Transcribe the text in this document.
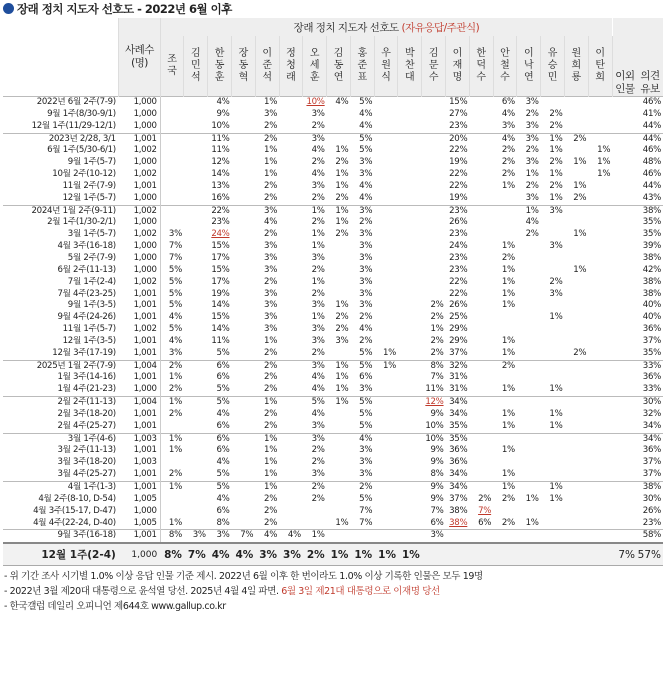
장래 정치 지도자 선호도 - 2022년 6월 이후

	사례수(명)	장래 정치 지도자 선호도 (자유응답/주관식)																			이외 인물	의견 유보

		조국	김민석	한동훈	장동혁	이준석	정청래	오세훈	김동연	홍준표	우원식	박찬대	김문수	이재명	한덕수	안철수	이낙연	유승민	원희룡	이탄희		

2022년 6월 2주(7-9)	1,000			4%		1%		10%	4%	5%				15%		6%	3%					46%
9월 1주(8/30-9/1)	1,000			9%		3%		3%		4%				27%		4%	2%	2%				41%
12월 1주(11/29-12/1)	1,000			10%		2%		2%		4%				23%		3%	3%	2%				44%
2023년 2/28, 3/1	1,001			11%		2%		3%		5%				20%		4%	3%	1%	2%			44%
6월 1주(5/30-6/1)	1,002			11%		1%		4%	1%	5%				22%		2%	2%	1%		1%		46%
9월 1주(5-7)	1,000			12%		1%		2%	2%	3%				19%		2%	3%	2%	1%	1%		48%
10월 2주(10-12)	1,002			14%		1%		4%	1%	3%				22%		2%	1%	1%		1%		46%
11월 2주(7-9)	1,001			13%		2%		3%	1%	4%				22%		1%	2%	2%	1%			44%
12월 1주(5-7)	1,000			16%		2%		2%	2%	4%				19%			3%	1%	2%			43%
2024년 1월 2주(9-11)	1,002			22%		3%		1%	1%	3%				23%			1%	3%				38%
2월 1주(1/30-2/1)	1,000			23%		4%		2%	1%	2%				26%			4%					35%
3월 1주(5-7)	1,002	3%		24%		2%		1%	2%	3%				23%			2%		1%			35%
4월 3주(16-18)	1,000	7%		15%		3%		1%		3%				24%		1%		3%				39%
5월 2주(7-9)	1,000	7%		17%		3%		3%		3%				23%		2%						38%
6월 2주(11-13)	1,000	5%		15%		3%		2%		3%				23%		1%			1%			42%
7월 1주(2-4)	1,002	5%		17%		2%		1%		3%				22%		1%		2%				38%
7월 4주(23-25)	1,001	5%		19%		3%		2%		3%				22%		1%		3%				38%
9월 1주(3-5)	1,001	5%		14%		3%		3%	1%	3%			2%	26%		1%						40%
9월 4주(24-26)	1,001	4%		15%		3%		1%	2%	2%			2%	25%				1%				40%
11월 1주(5-7)	1,002	5%		14%		3%		3%	2%	4%			1%	29%								36%
12월 1주(3-5)	1,001	4%		11%		1%		3%	3%	2%			2%	29%		1%						37%
12월 3주(17-19)	1,001	3%		5%		2%		2%		5%	1%		2%	37%		1%			2%			35%
2025년 1월 2주(7-9)	1,004	2%		6%		2%		3%	1%	5%	1%		8%	32%		2%						33%
1월 3주(14-16)	1,001	1%		6%		2%		4%	1%	6%			7%	31%								36%
1월 4주(21-23)	1,000	2%		5%		2%		4%	1%	3%			11%	31%		1%		1%				33%
2월 2주(11-13)	1,004	1%		5%		1%		5%	1%	5%			12%	34%								30%
2월 3주(18-20)	1,001	2%		4%		2%		4%		5%			9%	34%		1%		1%				32%
2월 4주(25-27)	1,001			6%		2%		3%		5%			10%	35%		1%		1%				34%
3월 1주(4-6)	1,003	1%		6%		1%		3%		4%			10%	35%								34%
3월 2주(11-13)	1,001	1%		6%		1%		2%		3%			9%	36%		1%						36%
3월 3주(18-20)	1,003			4%		1%		2%		3%			9%	36%								37%
3월 4주(25-27)	1,001	2%		5%		1%		3%		3%			8%	34%		1%						37%
4월 1주(1-3)	1,001	1%		5%		1%		2%		2%			9%	34%		1%		1%				38%
4월 2주(8-10, D-54)	1,005			4%		2%		2%		5%			9%	37%	2%	2%	1%	1%				30%
4월 3주(15-17, D-47)	1,000			6%		2%				7%			7%	38%	7%							26%
4월 4주(22-24, D-40)	1,005	1%		8%		2%			1%	7%			6%	38%	6%	2%	1%					23%
9월 3주(16-18)	1,001	8%	3%	3%	7%	4%	4%	1%					3%									58%
12월 1주(2-4)	1,000	8%	7%	4%	4%	3%	3%	2%	1%	1%	1%	1%									7%	57%
- 위 기간 조사 시기별 1.0% 이상 응답 인물 기준 제시. 2022년 6월 이후 한 번이라도 1.0% 이상 기록한 인물은 모두 19명
- 2022년 3월 제20대 대통령으로 윤석열 당선. 2025년 4월 4일 파면. 6월 3일 제21대 대통령으로 이재명 당선
- 한국갤럽 데일리 오피니언 제644호 www.gallup.co.kr
